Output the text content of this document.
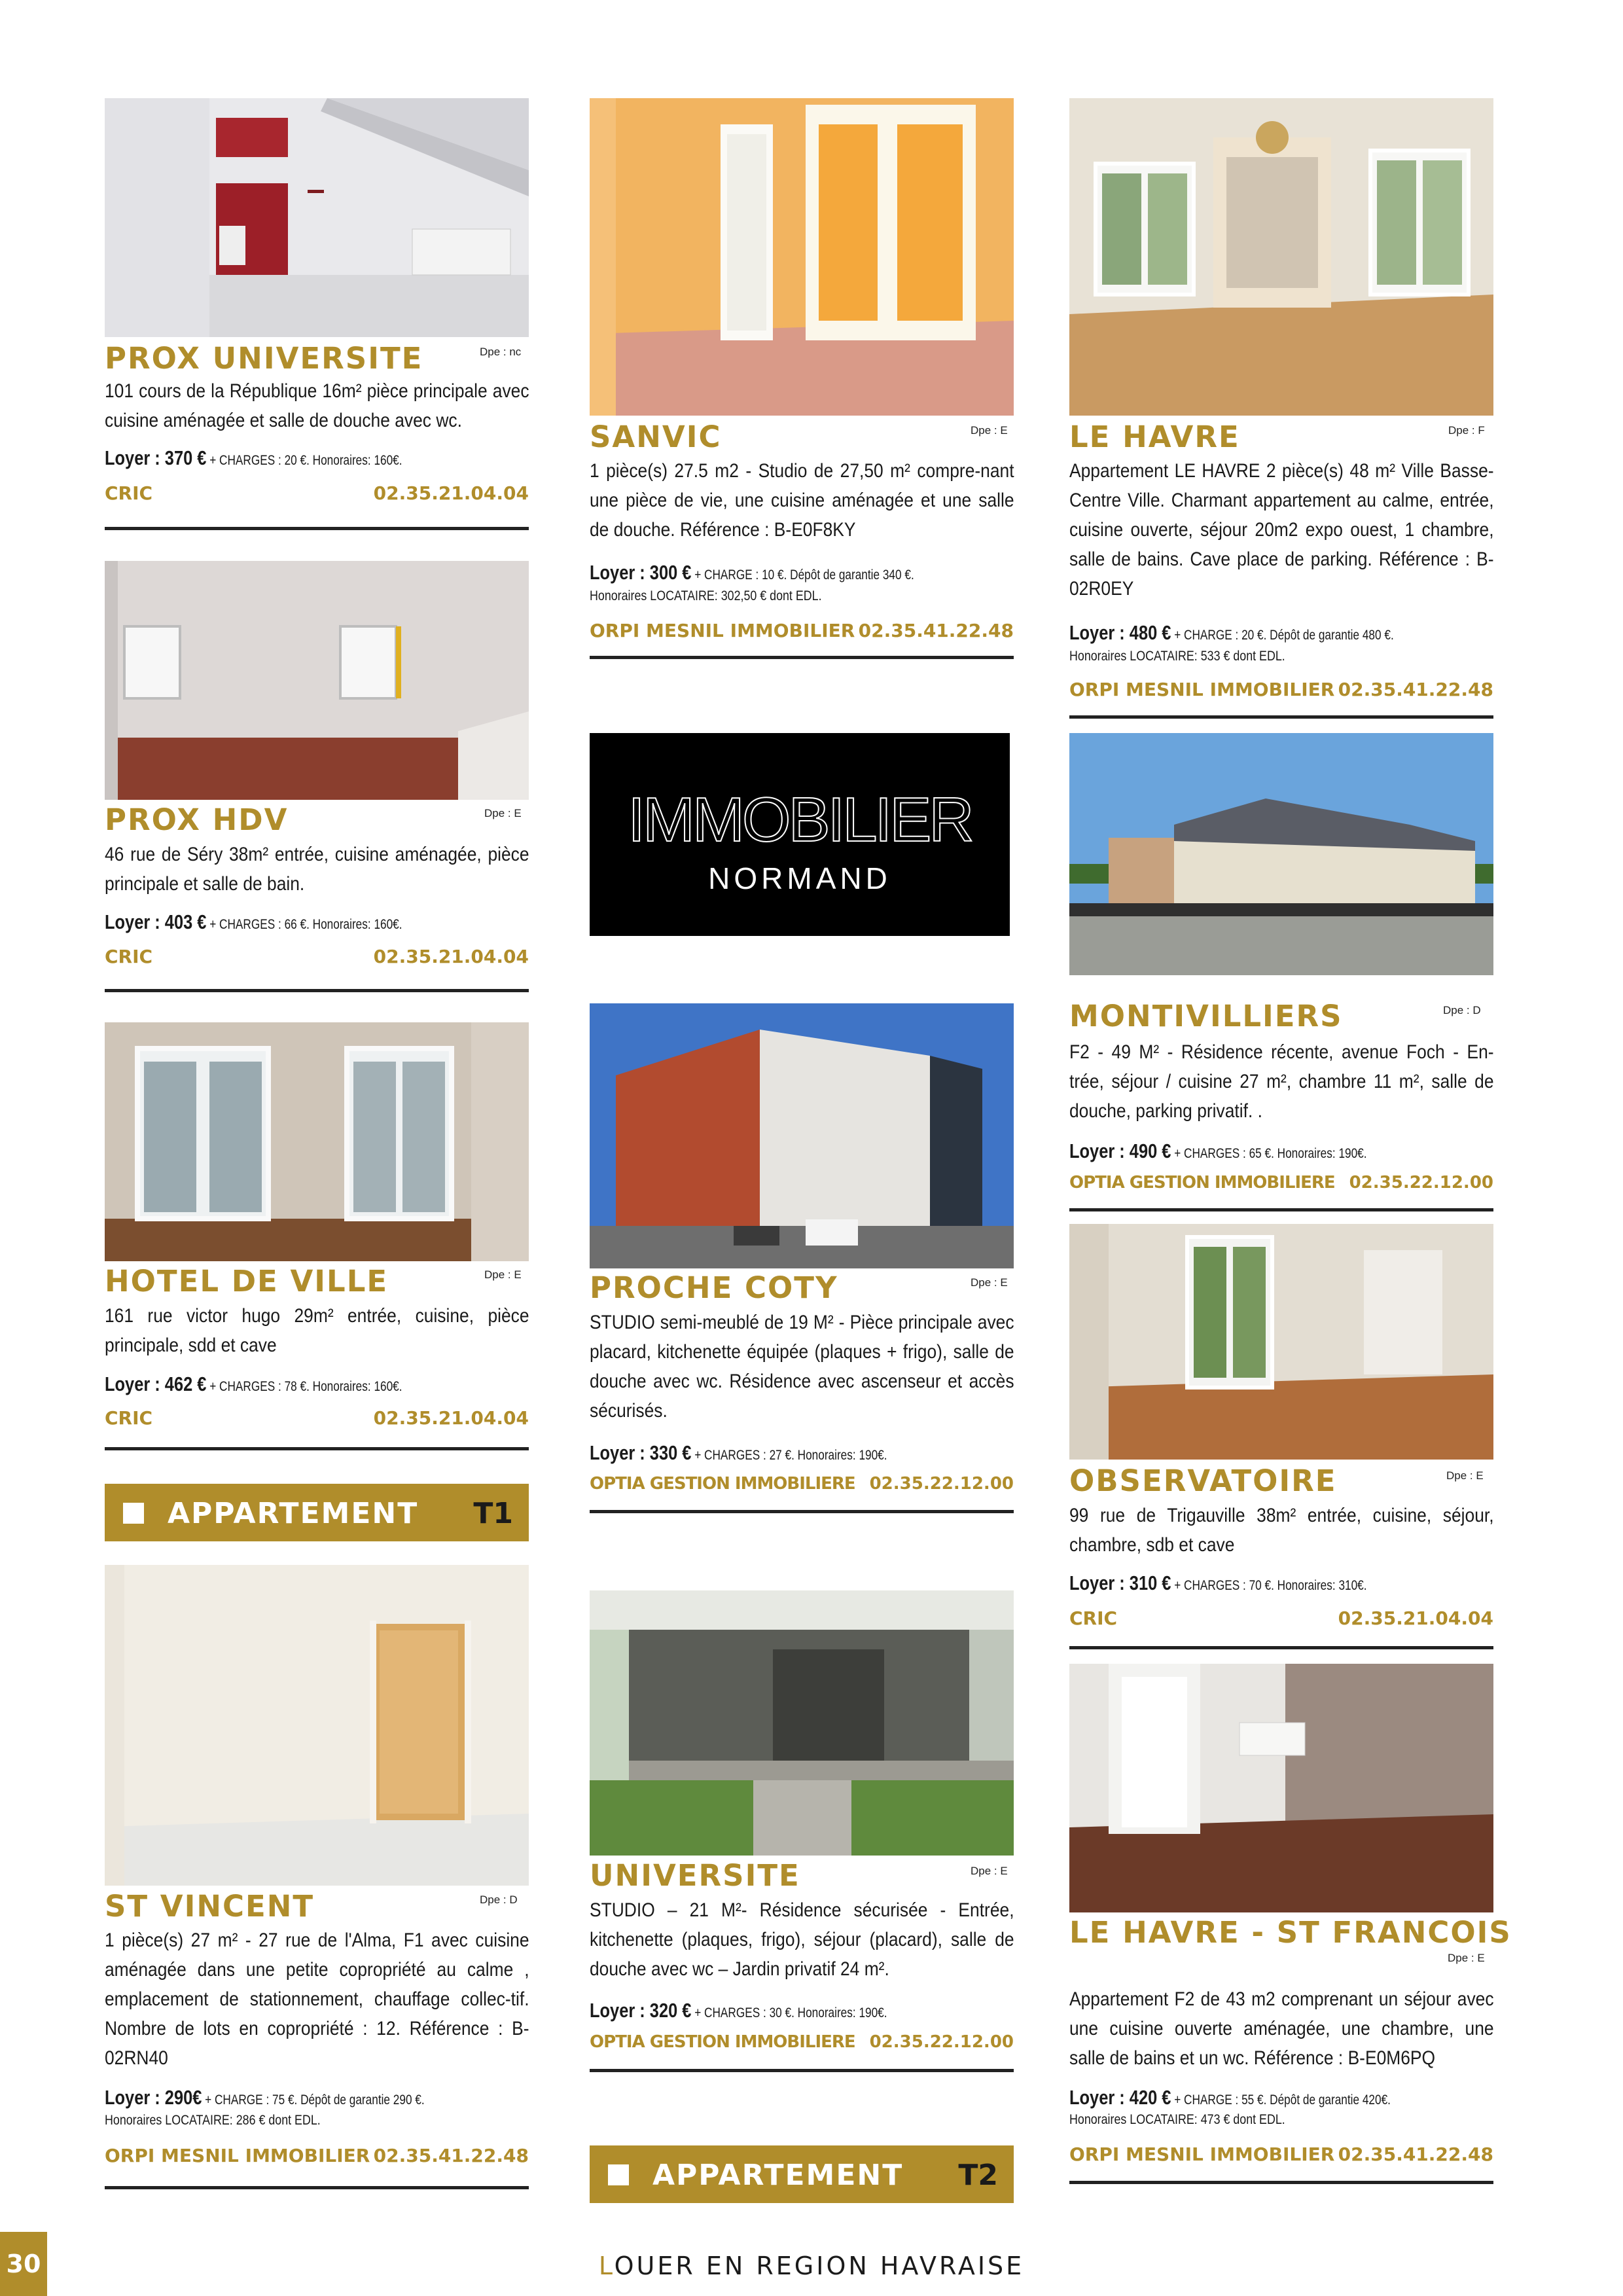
PROX UNIVERSITE	Dpe : nc
101 cours de la République 16m² pièce principale avec cuisine aménagée et salle de douche avec wc.
Loyer : 370 € + CHARGES : 20 €. Honoraires: 160€.
CRIC	02.35.21.04.04
PROX HDV	Dpe : E
46 rue de Séry 38m² entrée, cuisine aménagée, pièce principale et salle de bain.
Loyer : 403 € + CHARGES : 66 €. Honoraires: 160€.
CRIC	02.35.21.04.04
HOTEL DE VILLE	Dpe : E
161 rue victor hugo 29m² entrée, cuisine, pièce principale, sdd et cave
Loyer : 462 € + CHARGES : 78 €. Honoraires: 160€.
CRIC	02.35.21.04.04
APPARTEMENT T1
ST VINCENT	Dpe : D
1 pièce(s) 27 m² - 27 rue de l'Alma, F1 avec cuisine aménagée dans une petite copropriété au calme , emplacement de stationnement, chauffage collec-tif. Nombre de lots en copropriété : 12. Référence : B-02RN40
Loyer : 290€ + CHARGE : 75 €. Dépôt de garantie 290 €.
Honoraires LOCATAIRE: 286 € dont EDL.
ORPI MESNIL IMMOBILIER 02.35.41.22.48
SANVIC	Dpe : E
1 pièce(s) 27.5 m2 - Studio de 27,50 m² compre-nant une pièce de vie, une cuisine aménagée et une salle de douche. Référence : B-E0F8KY
Loyer : 300 € + CHARGE : 10 €. Dépôt de garantie 340 €.
Honoraires LOCATAIRE: 302,50 € dont EDL.
ORPI MESNIL IMMOBILIER 02.35.41.22.48
IMMOBILIER
NORMAND
PROCHE COTY	Dpe : E
STUDIO semi-meublé de 19 M² - Pièce principale avec placard, kitchenette équipée (plaques + frigo), salle de douche avec wc. Résidence avec ascenseur et accès sécurisés.
Loyer : 330 € + CHARGES : 27 €. Honoraires: 190€.
OPTIA GESTION IMMOBILIERE 02.35.22.12.00
UNIVERSITE	Dpe : E
STUDIO – 21 M²- Résidence sécurisée - Entrée, kitchenette (plaques, frigo), séjour (placard), salle de douche avec wc – Jardin privatif 24 m².
Loyer : 320 € + CHARGES : 30 €. Honoraires: 190€.
OPTIA GESTION IMMOBILIERE 02.35.22.12.00
APPARTEMENT T2
LE HAVRE	Dpe : F
Appartement LE HAVRE 2 pièce(s) 48 m² Ville Basse- Centre Ville. Charmant appartement au calme, entrée, cuisine ouverte, séjour 20m2 expo ouest, 1 chambre, salle de bains. Cave place de parking. Référence : B-02R0EY
Loyer : 480 € + CHARGE : 20 €. Dépôt de garantie 480 €.
Honoraires LOCATAIRE: 533 € dont EDL.
ORPI MESNIL IMMOBILIER 02.35.41.22.48
MONTIVILLIERS	Dpe : D
F2 - 49 M² - Résidence récente, avenue Foch - En-trée, séjour / cuisine 27 m², chambre 11 m², salle de douche, parking privatif. .
Loyer : 490 € + CHARGES : 65 €. Honoraires: 190€.
OPTIA GESTION IMMOBILIERE 02.35.22.12.00
OBSERVATOIRE	Dpe : E
99 rue de Trigauville 38m² entrée, cuisine, séjour, chambre, sdb et cave
Loyer : 310 € + CHARGES : 70 €. Honoraires: 310€.
CRIC	02.35.21.04.04
LE HAVRE - ST FRANCOIS
Dpe : E
Appartement F2 de 43 m2 comprenant un séjour avec une cuisine ouverte aménagée, une chambre, une salle de bains et un wc. Référence : B-E0M6PQ
Loyer : 420 € + CHARGE : 55 €. Dépôt de garantie 420€.
Honoraires LOCATAIRE: 473 € dont EDL.
ORPI MESNIL IMMOBILIER 02.35.41.22.48
30	LOUER EN REGION HAVRAISE
